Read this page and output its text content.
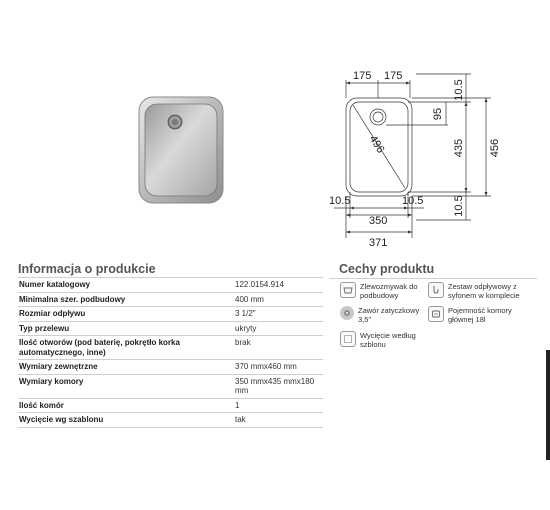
175 175
10.5
95
435 456
496
10.5	10.5
350
10.5
371
Informacja o produkcie
Numer katalogowy	122.0154.914
Minimalna szer. podbudowy	400 mm
Rozmiar odpływu	3 1/2"
Typ przelewu	ukryty
Ilość otworów (pod baterię, pokrętło korka automatycznego, inne)	brak
Wymiary zewnętrzne	370 mmx460 mm
Wymiary komory	350 mmx435 mmx180 mm
Ilość komór	1
Wycięcie wg szablonu	tak
Cechy produktu
Zlewozmywak do podbudowy
Zestaw odpływowy z syfonem w komplecie
Zawór zatyczkowy 3,5"
Pojemność komory głównej 18l
Wycięcie według szblonu
